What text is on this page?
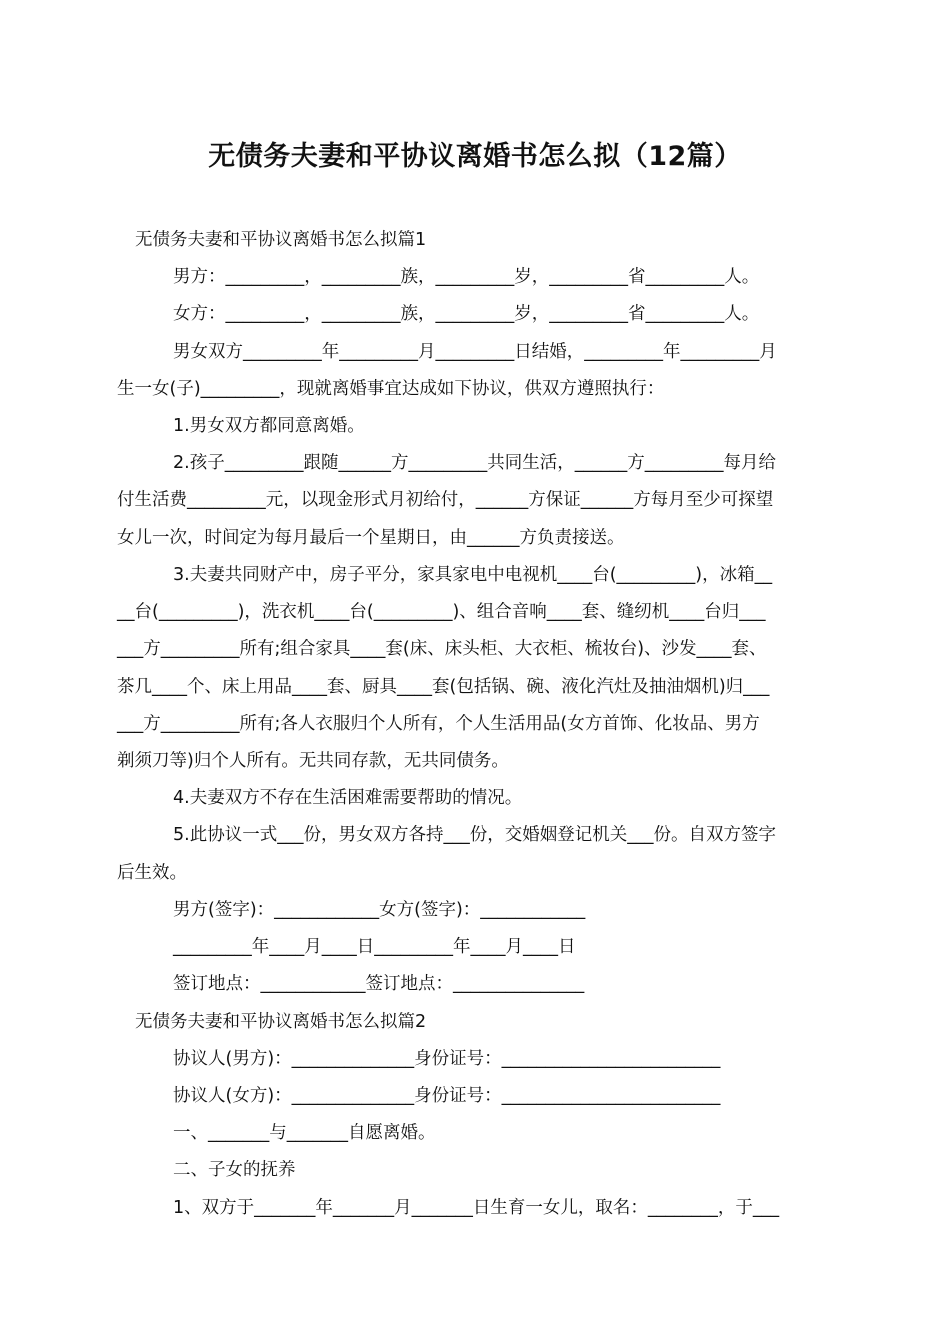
无债务夫妻和平协议离婚书怎么拟（12篇）
无债务夫妻和平协议离婚书怎么拟篇1
男方：_________，_________族，_________岁，_________省_________人。
女方：_________，_________族，_________岁，_________省_________人。
男女双方_________年_________月_________日结婚，_________年_________月
生一女(子)_________，现就离婚事宜达成如下协议，供双方遵照执行：
1.男女双方都同意离婚。
2.孩子_________跟随______方_________共同生活，______方_________每月给
付生活费_________元，以现金形式月初给付，______方保证______方每月至少可探望
女儿一次，时间定为每月最后一个星期日，由______方负责接送。
3.夫妻共同财产中，房子平分，家具家电中电视机____台(_________)，冰箱__
__台(_________)，洗衣机____台(_________)、组合音响____套、缝纫机____台归___
___方_________所有;组合家具____套(床、床头柜、大衣柜、梳妆台)、沙发____套、
茶几____个、床上用品____套、厨具____套(包括锅、碗、液化汽灶及抽油烟机)归___
___方_________所有;各人衣服归个人所有，个人生活用品(女方首饰、化妆品、男方
剃须刀等)归个人所有。无共同存款，无共同债务。
4.夫妻双方不存在生活困难需要帮助的情况。
5.此协议一式___份，男女双方各持___份，交婚姻登记机关___份。自双方签字
后生效。
男方(签字)：____________女方(签字)：____________
_________年____月____日_________年____月____日
签订地点：____________签订地点：_______________
无债务夫妻和平协议离婚书怎么拟篇2
协议人(男方)：______________身份证号：_________________________
协议人(女方)：______________身份证号：_________________________
一、_______与_______自愿离婚。
二、子女的抚养
1、双方于_______年_______月_______日生育一女儿，取名：________，于___
